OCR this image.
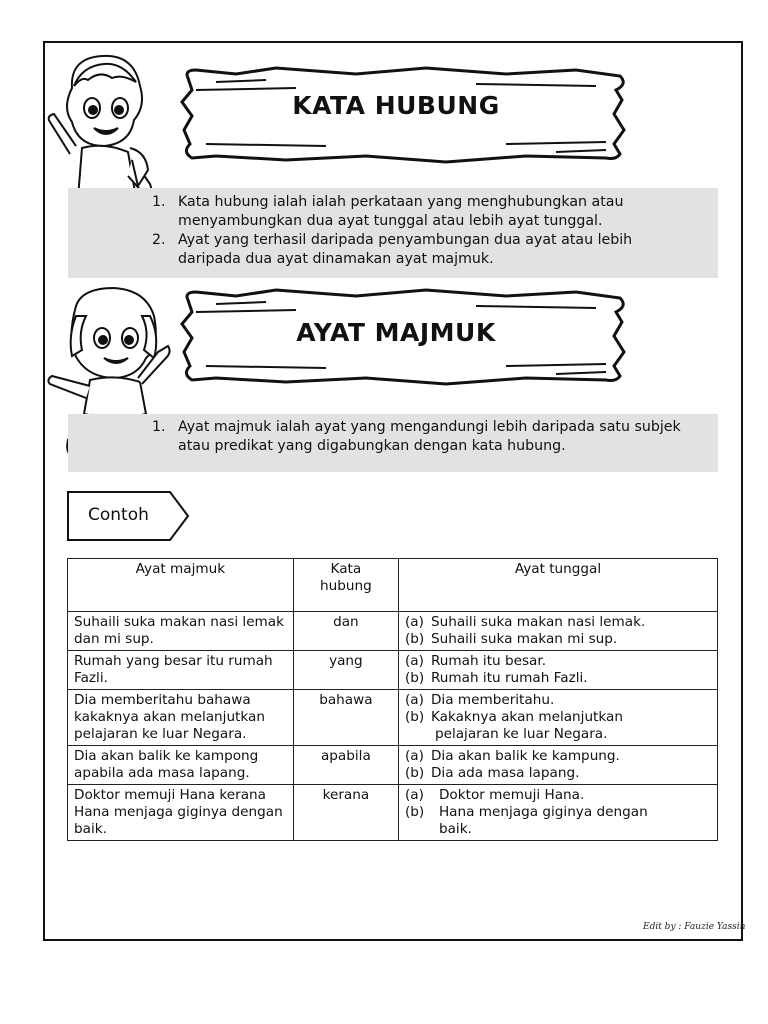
KATA HUBUNG
1. Kata hubung ialah ialah perkataan yang menghubungkan atau menyambungkan dua ayat tunggal atau lebih ayat tunggal.
2. Ayat yang terhasil daripada penyambungan dua ayat atau lebih daripada dua ayat dinamakan ayat majmuk.
AYAT MAJMUK
1. Ayat majmuk ialah ayat yang mengandungi lebih daripada satu subjek atau predikat yang digabungkan dengan kata hubung.
Contoh
Ayat majmuk	Kata hubung	Ayat tunggal
Suhaili suka makan nasi lemak dan mi sup.	dan	(a) Suhaili suka makan nasi lemak.
(b) Suhaili suka makan mi sup.

Rumah yang besar itu rumah Fazli.	yang	(a) Rumah itu besar.
(b) Rumah itu rumah Fazli.

Dia memberitahu bahawa kakaknya akan melanjutkan pelajaran ke luar Negara.	bahawa	(a) Dia memberitahu.
(b) Kakaknya akan melanjutkan
pelajaran ke luar Negara.

Dia akan balik ke kampong apabila ada masa lapang.	apabila	(a) Dia akan balik ke kampung.
(b) Dia ada masa lapang.

Doktor memuji Hana kerana Hana menjaga giginya dengan baik.	kerana	(a) Doktor memuji Hana.
(b) Hana menjaga giginya dengan
baik.
Edit by : Fauzie Yassin
